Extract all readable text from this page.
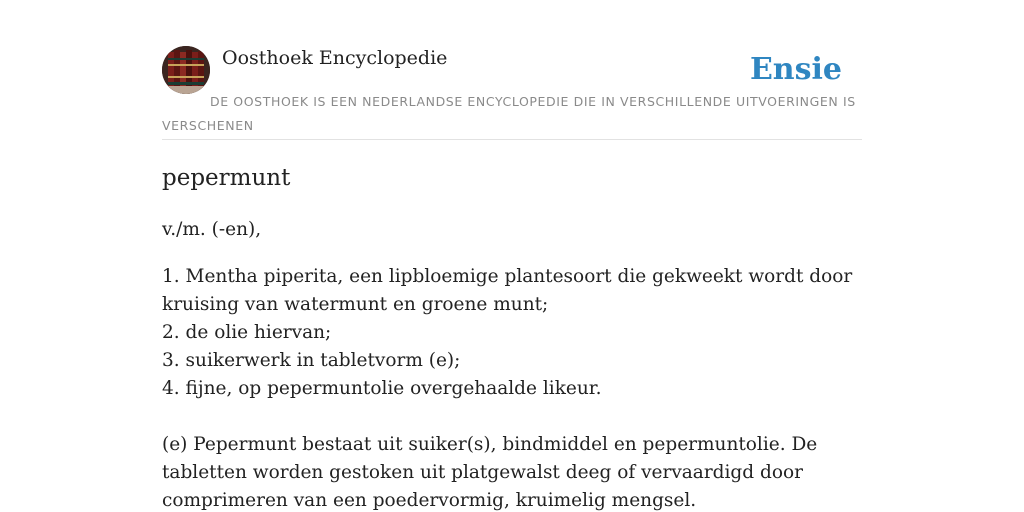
Oosthoek Encyclopedie	Ensie
DE OOSTHOEK IS EEN NEDERLANDSE ENCYCLOPEDIE DIE IN VERSCHILLENDE UITVOERINGEN IS VERSCHENEN
pepermunt
v./m. (-en),
1. Mentha piperita, een lipbloemige plantesoort die gekweekt wordt door kruising van watermunt en groene munt;
2. de olie hiervan;
3. suikerwerk in tabletvorm (e);
4. fijne, op pepermuntolie overgehaalde likeur.
(e) Pepermunt bestaat uit suiker(s), bindmiddel en pepermuntolie. De tabletten worden gestoken uit platgewalst deeg of vervaardigd door comprimeren van een poedervormig, kruimelig mengsel.
